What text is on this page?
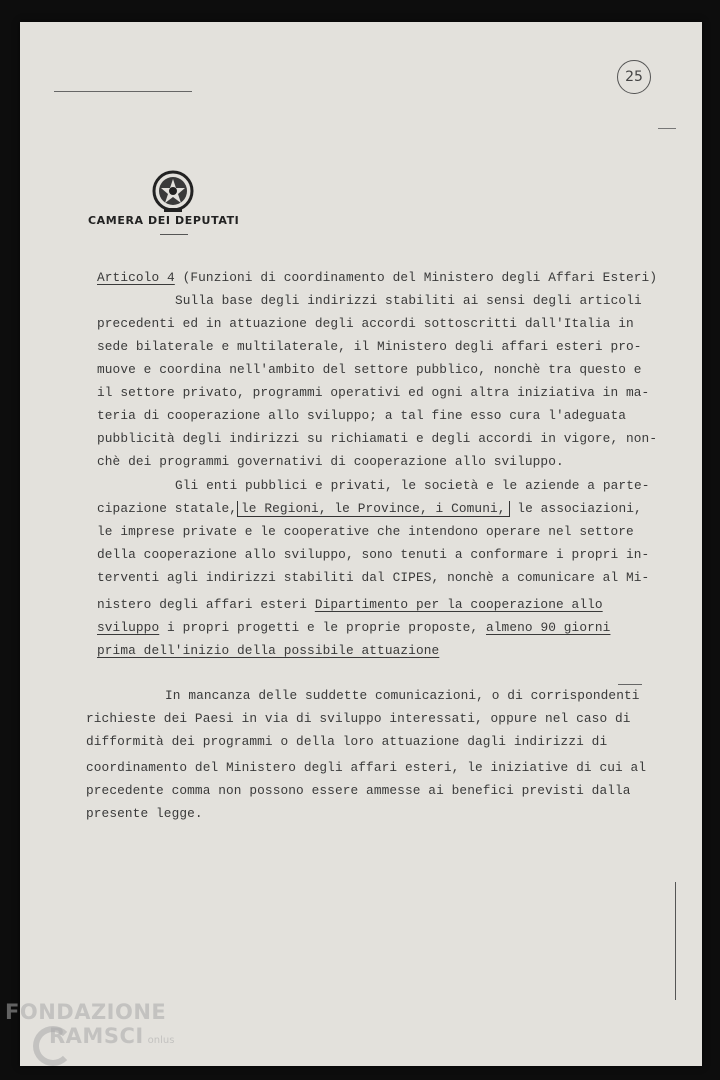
25
CAMERA DEI DEPUTATI
Articolo 4 (Funzioni di coordinamento del Ministero degli Affari Esteri)
Sulla base degli indirizzi stabiliti ai sensi degli articoli
precedenti ed in attuazione degli accordi sottoscritti dall'Italia in
sede bilaterale e multilaterale, il Ministero degli affari esteri pro-
muove e coordina nell'ambito del settore pubblico, nonchè tra questo e
il settore privato, programmi operativi ed ogni altra iniziativa in ma-
teria di cooperazione allo sviluppo; a tal fine esso cura l'adeguata
pubblicità degli indirizzi su richiamati e degli accordi in vigore, non-
chè dei programmi governativi di cooperazione allo sviluppo.
Gli enti pubblici e privati, le società e le aziende a parte-
cipazione statale, le Regioni, le Province, i Comuni, le associazioni,
le imprese private e le cooperative che intendono operare nel settore
della cooperazione allo sviluppo, sono tenuti a conformare i propri in-
terventi agli indirizzi stabiliti dal CIPES, nonchè a comunicare al Mi-
nistero degli affari esteri Dipartimento per la cooperazione allo
sviluppo i propri progetti e le proprie proposte, almeno 90 giorni
prima dell'inizio della possibile attuazione
In mancanza delle suddette comunicazioni, o di corrispondenti
richieste dei Paesi in via di sviluppo interessati, oppure nel caso di
difformità dei programmi o della loro attuazione dagli indirizzi di
coordinamento del Ministero degli affari esteri, le iniziative di cui al
precedente comma non possono essere ammesse ai benefici previsti dalla
presente legge.
FONDAZIONE
RAMSCI onlus
